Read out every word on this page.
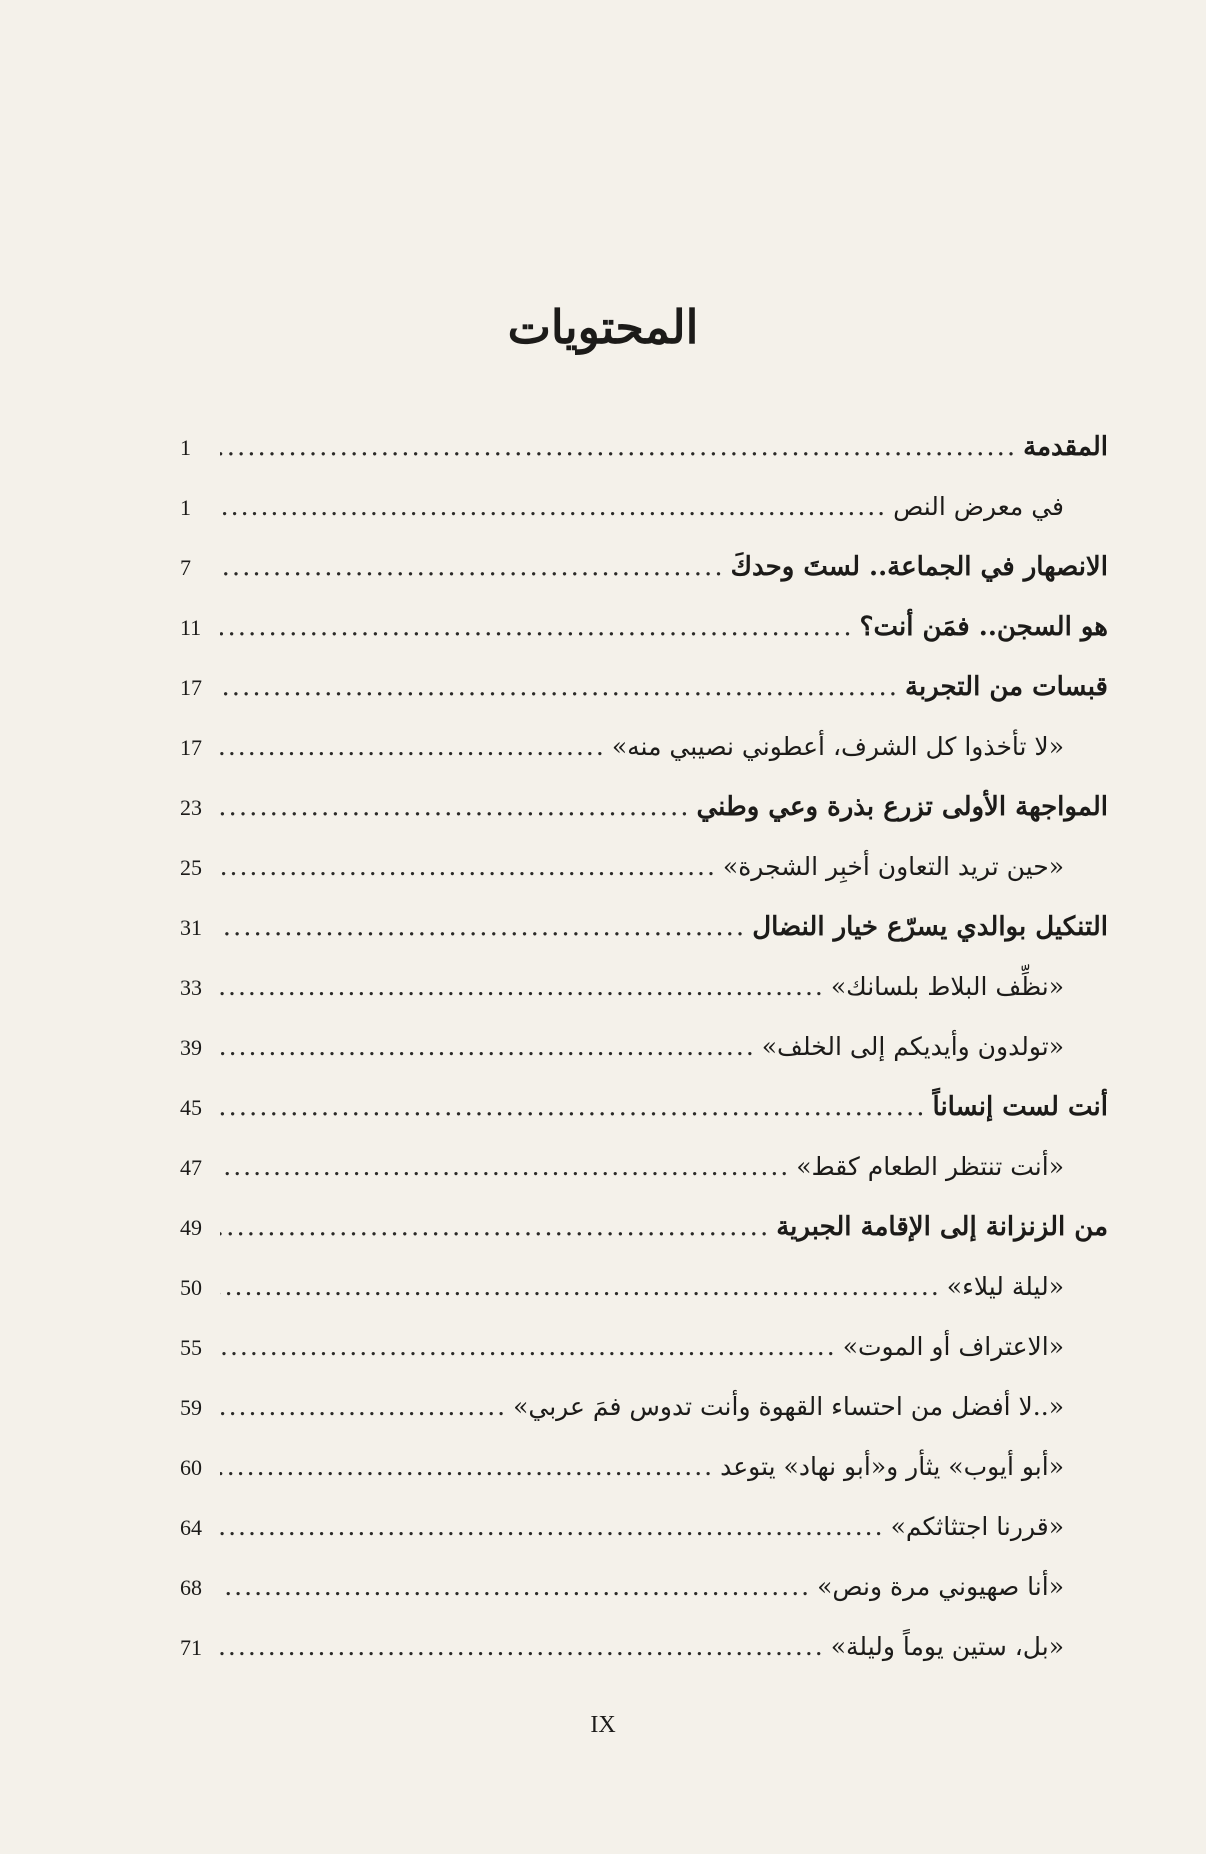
المحتويات
المقدمة
.....
1
في معرض النص
.....
1
الانصهار في الجماعة.. لستَ وحدكَ
.....
7
هو السجن.. فمَن أنت؟
.....
11
قبسات من التجربة
.....
17
«لا تأخذوا كل الشرف، أعطوني نصيبي منه»
.....
17
المواجهة الأولى تزرع بذرة وعي وطني
.....
23
«حين تريد التعاون أخبِر الشجرة»
.....
25
التنكيل بوالدي يسرّع خيار النضال
.....
31
«نظِّف البلاط بلسانك»
.....
33
«تولدون وأيديكم إلى الخلف»
.....
39
أنت لست إنساناً
.....
45
«أنت تنتظر الطعام كقط»
.....
47
من الزنزانة إلى الإقامة الجبرية
.....
49
«ليلة ليلاء»
.....
50
«الاعتراف أو الموت»
.....
55
«..لا أفضل من احتساء القهوة وأنت تدوس فمَ عربي»
.....
59
«أبو أيوب» يثأر و«أبو نهاد» يتوعد
.....
60
«قررنا اجتثاثكم»
.....
64
«أنا صهيوني مرة ونص»
.....
68
«بل، ستين يوماً وليلة»
.....
71
IX
